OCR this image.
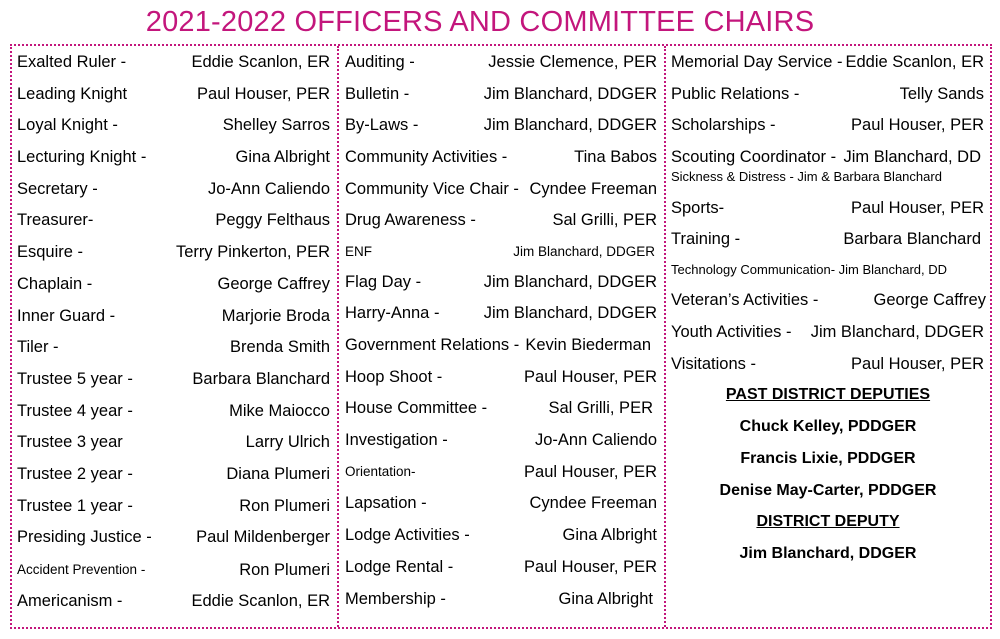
2021-2022 OFFICERS AND COMMITTEE CHAIRS
Exalted Ruler -	Eddie Scanlon, ER
Leading Knight	Paul Houser, PER
Loyal Knight -	Shelley Sarros
Lecturing Knight -	Gina Albright
Secretary -	Jo-Ann Caliendo
Treasurer-	Peggy Felthaus
Esquire -	Terry Pinkerton, PER
Chaplain -	George Caffrey
Inner Guard -	Marjorie Broda
Tiler -	Brenda Smith
Trustee 5 year -	Barbara Blanchard
Trustee 4 year -	Mike Maiocco
Trustee 3 year	Larry Ulrich
Trustee 2 year -	Diana Plumeri
Trustee 1 year -	Ron Plumeri
Presiding Justice -	Paul Mildenberger
Accident Prevention -	Ron Plumeri
Americanism -	Eddie Scanlon, ER
Auditing -	Jessie Clemence, PER
Bulletin -	Jim Blanchard, DDGER
By-Laws -	Jim Blanchard, DDGER
Community Activities -	Tina Babos
Community Vice Chair - Cyndee Freeman
Drug Awareness -	Sal Grilli, PER
ENF	Jim Blanchard, DDGER
Flag Day -	Jim Blanchard, DDGER
Harry-Anna -	Jim Blanchard, DDGER
Government Relations - Kevin Biederman
Hoop Shoot -	Paul Houser, PER
House Committee -	Sal Grilli, PER
Investigation -	Jo-Ann Caliendo
Orientation-	Paul Houser, PER
Lapsation -	Cyndee Freeman
Lodge Activities -	Gina Albright
Lodge Rental -	Paul Houser, PER
Membership -	Gina Albright
Memorial Day Service - Eddie Scanlon, ER
Public Relations -	Telly Sands
Scholarships -	Paul Houser, PER
Scouting Coordinator - Jim Blanchard, DD
Sickness & Distress - Jim & Barbara Blanchard
Sports-	Paul Houser, PER
Training -	Barbara Blanchard
Technology Communication- Jim Blanchard, DD
Veteran’s Activities -	George Caffrey
Youth Activities - Jim Blanchard, DDGER
Visitations -	Paul Houser, PER
PAST DISTRICT DEPUTIES
Chuck Kelley, PDDGER
Francis Lixie, PDDGER
Denise May-Carter, PDDGER
DISTRICT DEPUTY
Jim Blanchard, DDGER
